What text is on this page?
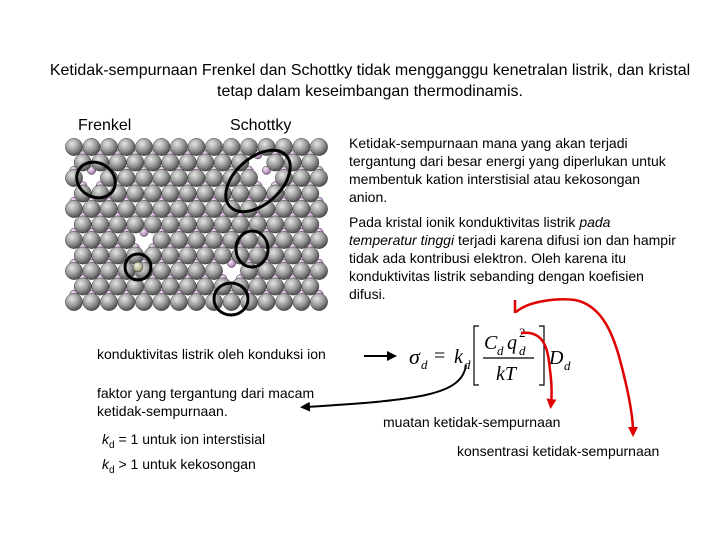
Ketidak-sempurnaan Frenkel dan Schottky tidak mengganggu kenetralan listrik, dan kristal tetap dalam keseimbangan thermodinamis.
Frenkel	Schottky
Ketidak-sempurnaan mana yang akan terjadi tergantung dari besar energi yang diperlukan untuk membentuk kation interstisial atau kekosongan anion.
Pada kristal ionik konduktivitas listrik pada temperatur tinggi terjadi karena difusi ion dan hampir tidak ada kontribusi elektron. Oleh karena itu konduktivitas listrik sebanding dengan koefisien difusi.
konduktivitas listrik oleh konduksi ion
faktor yang tergantung dari macam ketidak-sempurnaan.
$k_d = 1$ untuk ion interstisial
$k_d > 1$ untuk kekosongan
muatan ketidak-sempurnaan
konsentrasi ketidak-sempurnaan
σ d = k d
C d q 2
d
kT
D d
